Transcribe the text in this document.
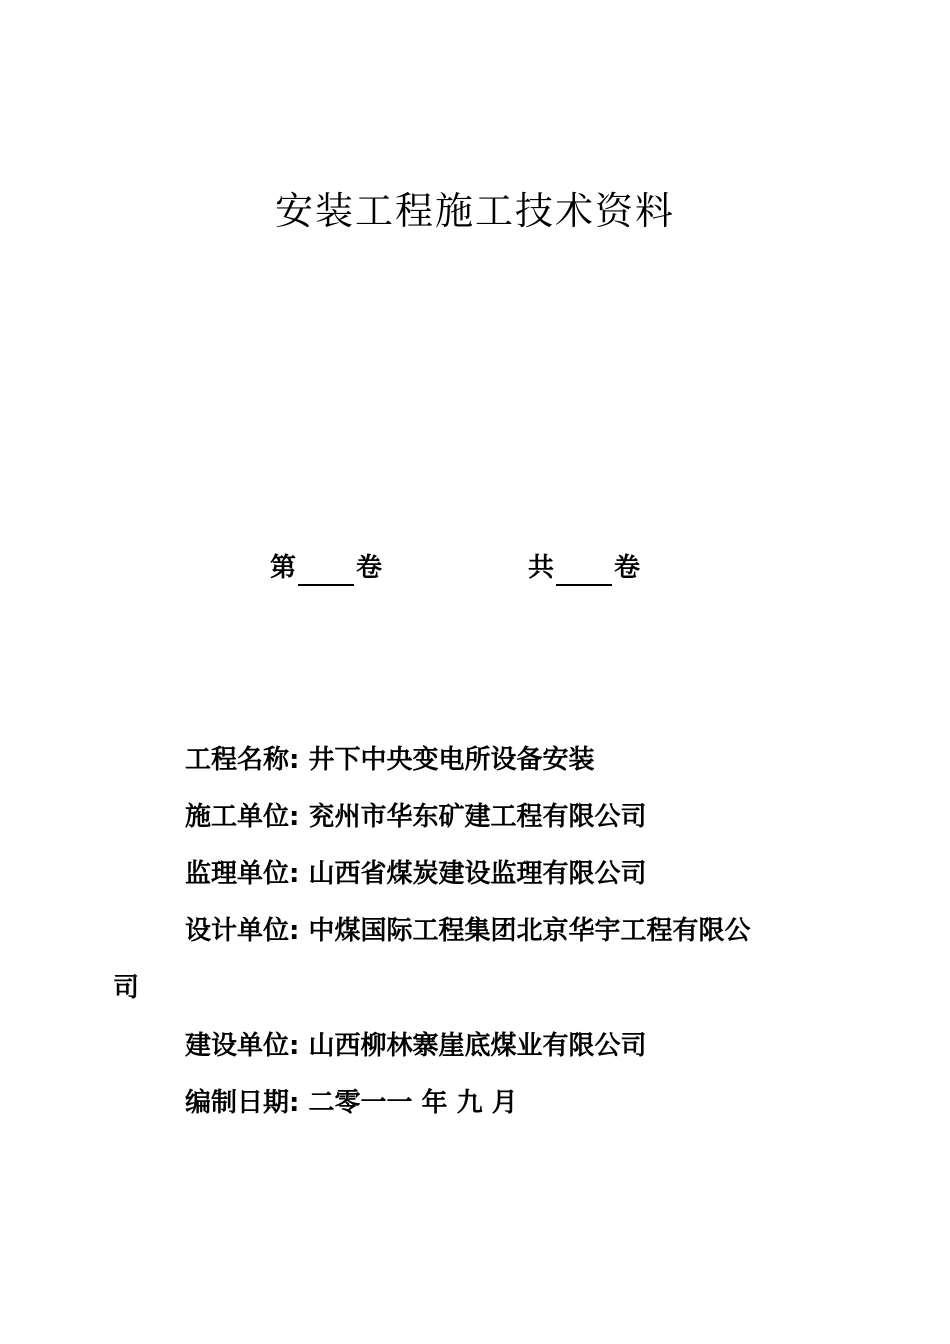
安装工程施工技术资料
第 卷	共 卷
工程名称: 井下中央变电所设备安装
施工单位: 兖州市华东矿建工程有限公司
监理单位: 山西省煤炭建设监理有限公司
设计单位: 中煤国际工程集团北京华宇工程有限公
司
建设单位: 山西柳林寨崖底煤业有限公司
编制日期: 二零一一 年 九 月
